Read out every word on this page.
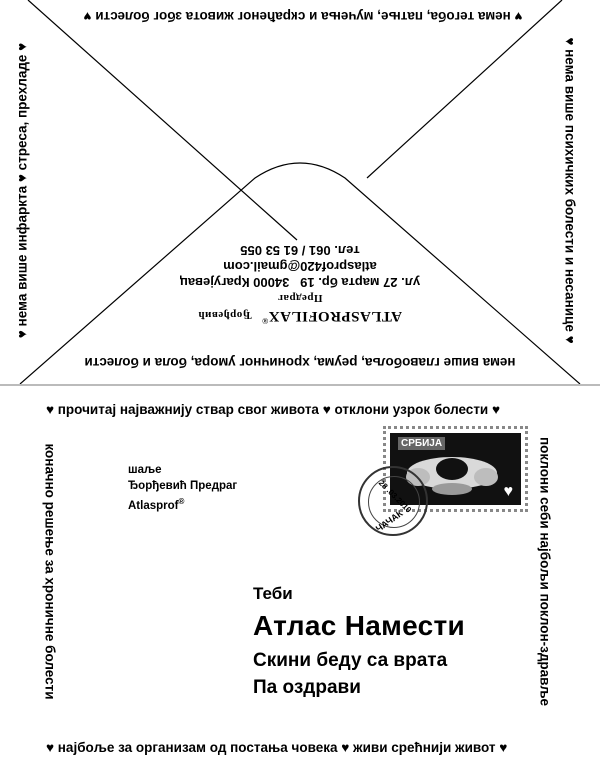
♥ нема тегоба, патње, мучења и скраћеног живота због болести ♥
нема више главобоља, реума, хроничног умора, бола и болести
♥ нема више инфаркта ♥ стреса, прехладе ♥	♥ нема више психичких болести и несанице ♥
ATLASPROFILAX® Ђорђевић Предраг
ул. 27 марта бр. 19   34000 Крагујевац
atlasprof420@gmail.com
тел. 061 / 61 53 055
♥ прочитај најважнију ствар свог живота ♥ отклони узрок болести ♥
♥ најбоље за организам од постања човека ♥ живи срећнији живот ♥
коначно решење за хроничне болести	поклони себи најбољи поклон-здравље
шаље
Ђорђевић Предраг
Atlasprof®
СРБИЈА
♥
28 .03.2010
ЧАЧАК
Теби
Атлас Намести
Скини беду са врата
Па оздрави
